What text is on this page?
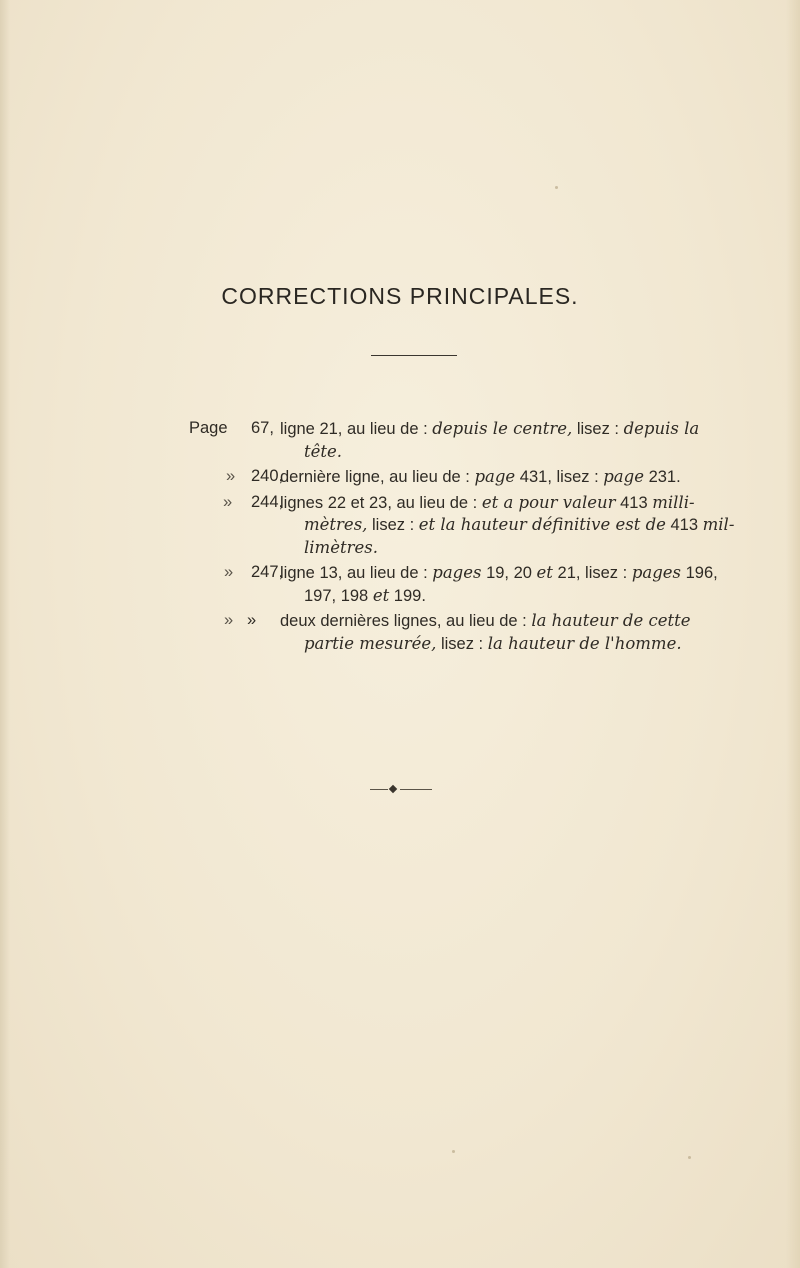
CORRECTIONS PRINCIPALES.
Page 67, ligne 21, au lieu de : depuis le centre, lisez : depuis la
tête.
» 240,
dernière ligne, au lieu de : page 431, lisez : page 231.
» 244,
lignes 22 et 23, au lieu de : et a pour valeur 413 milli-
mètres, lisez : et la hauteur définitive est de 413 mil-
limètres.
» 247,
ligne 13, au lieu de : pages 19, 20 et 21, lisez : pages 196,
197, 198 et 199.
» » deux dernières lignes, au lieu de : la hauteur de cette
partie mesurée, lisez : la hauteur de l'homme.
